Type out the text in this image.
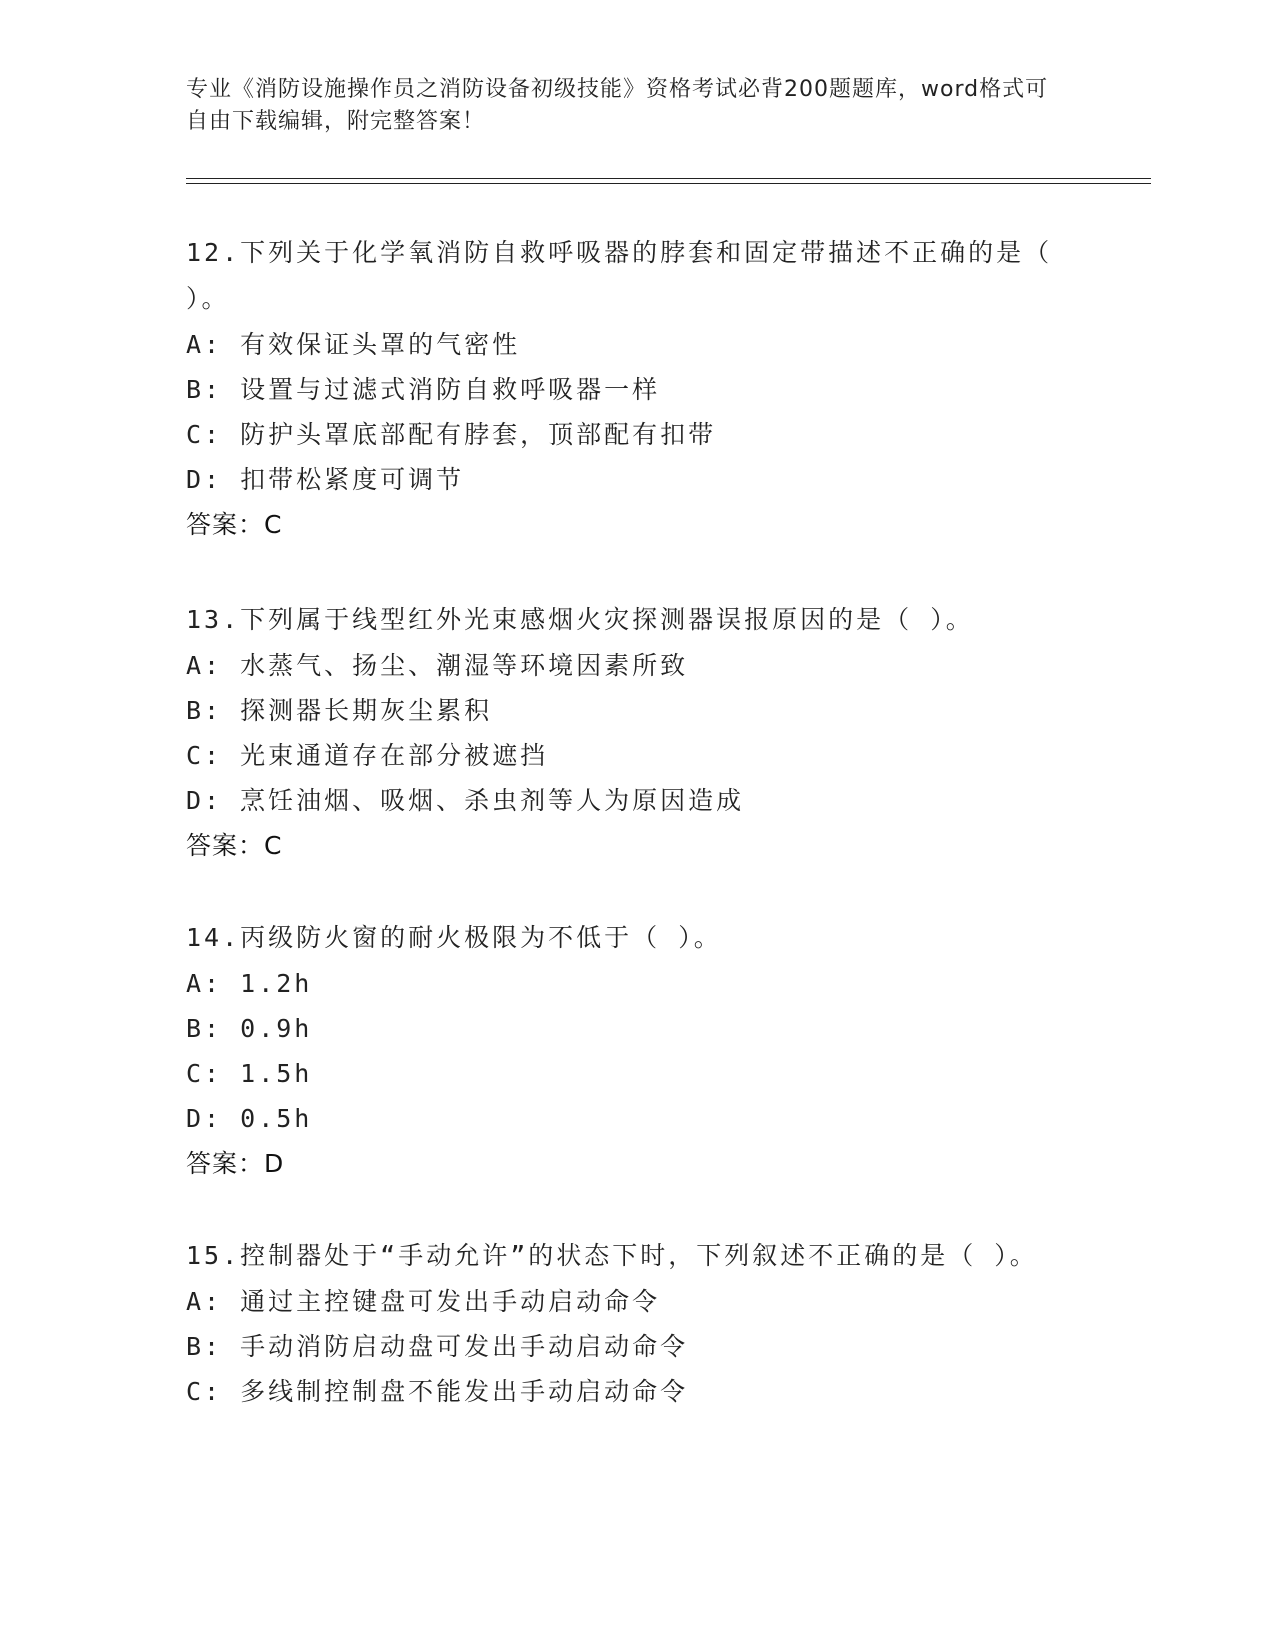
专业《消防设施操作员之消防设备初级技能》资格考试必背200题题库，word格式可自由下载编辑，附完整答案！

12.下列关于化学氧消防自救呼吸器的脖套和固定带描述不正确的是（ ）。

A: 有效保证头罩的气密性

B: 设置与过滤式消防自救呼吸器一样

C: 防护头罩底部配有脖套，顶部配有扣带

D: 扣带松紧度可调节

答案：C

13.下列属于线型红外光束感烟火灾探测器误报原因的是（ ）。

A: 水蒸气、扬尘、潮湿等环境因素所致

B: 探测器长期灰尘累积

C: 光束通道存在部分被遮挡

D: 烹饪油烟、吸烟、杀虫剂等人为原因造成

答案：C

14.丙级防火窗的耐火极限为不低于（ ）。

A: 1.2h

B: 0.9h

C: 1.5h

D: 0.5h

答案：D

15.控制器处于“手动允许”的状态下时，下列叙述不正确的是（ ）。

A: 通过主控键盘可发出手动启动命令

B: 手动消防启动盘可发出手动启动命令

C: 多线制控制盘不能发出手动启动命令
